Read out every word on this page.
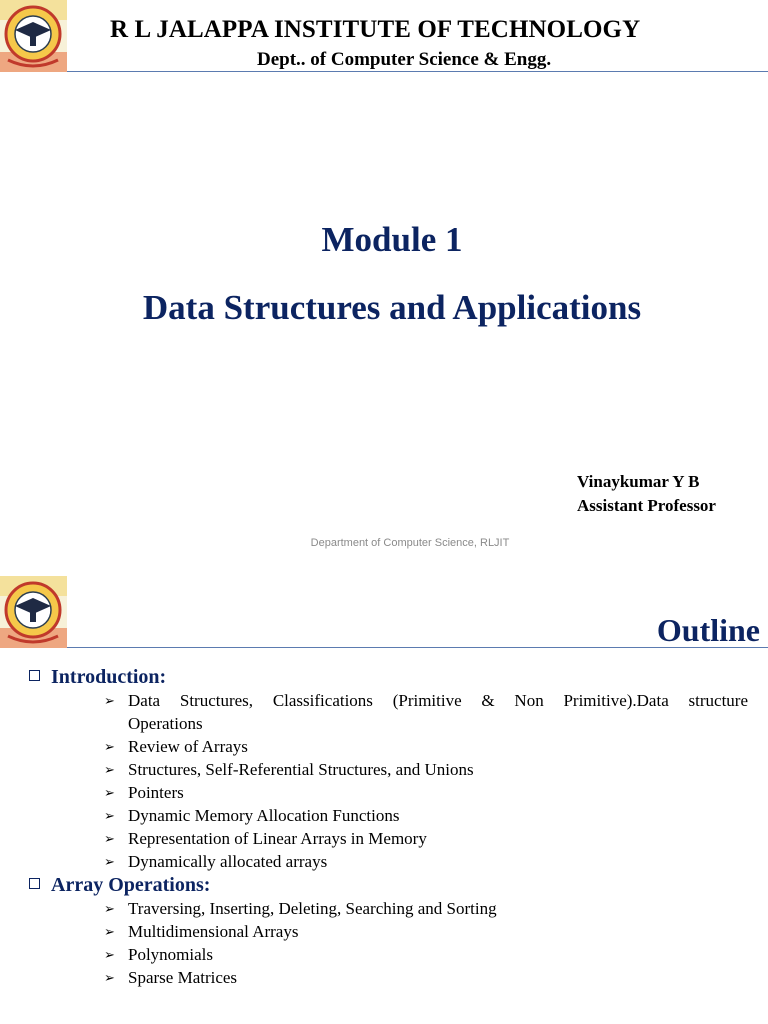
R L JALAPPA INSTITUTE OF TECHNOLOGY
Dept.. of Computer Science & Engg.
Module 1
Data Structures and Applications
Vinaykumar Y B
Assistant Professor
Department of Computer Science, RLJIT
Outline
Introduction:
➢ Data Structures, Classifications (Primitive & Non Primitive).Data structure
Operations
➢ Review of Arrays
➢ Structures, Self-Referential Structures, and Unions
➢ Pointers
➢ Dynamic Memory Allocation Functions
➢ Representation of Linear Arrays in Memory
➢ Dynamically allocated arrays
Array Operations:
➢ Traversing, Inserting, Deleting, Searching and Sorting
➢ Multidimensional Arrays
➢ Polynomials
➢ Sparse Matrices
